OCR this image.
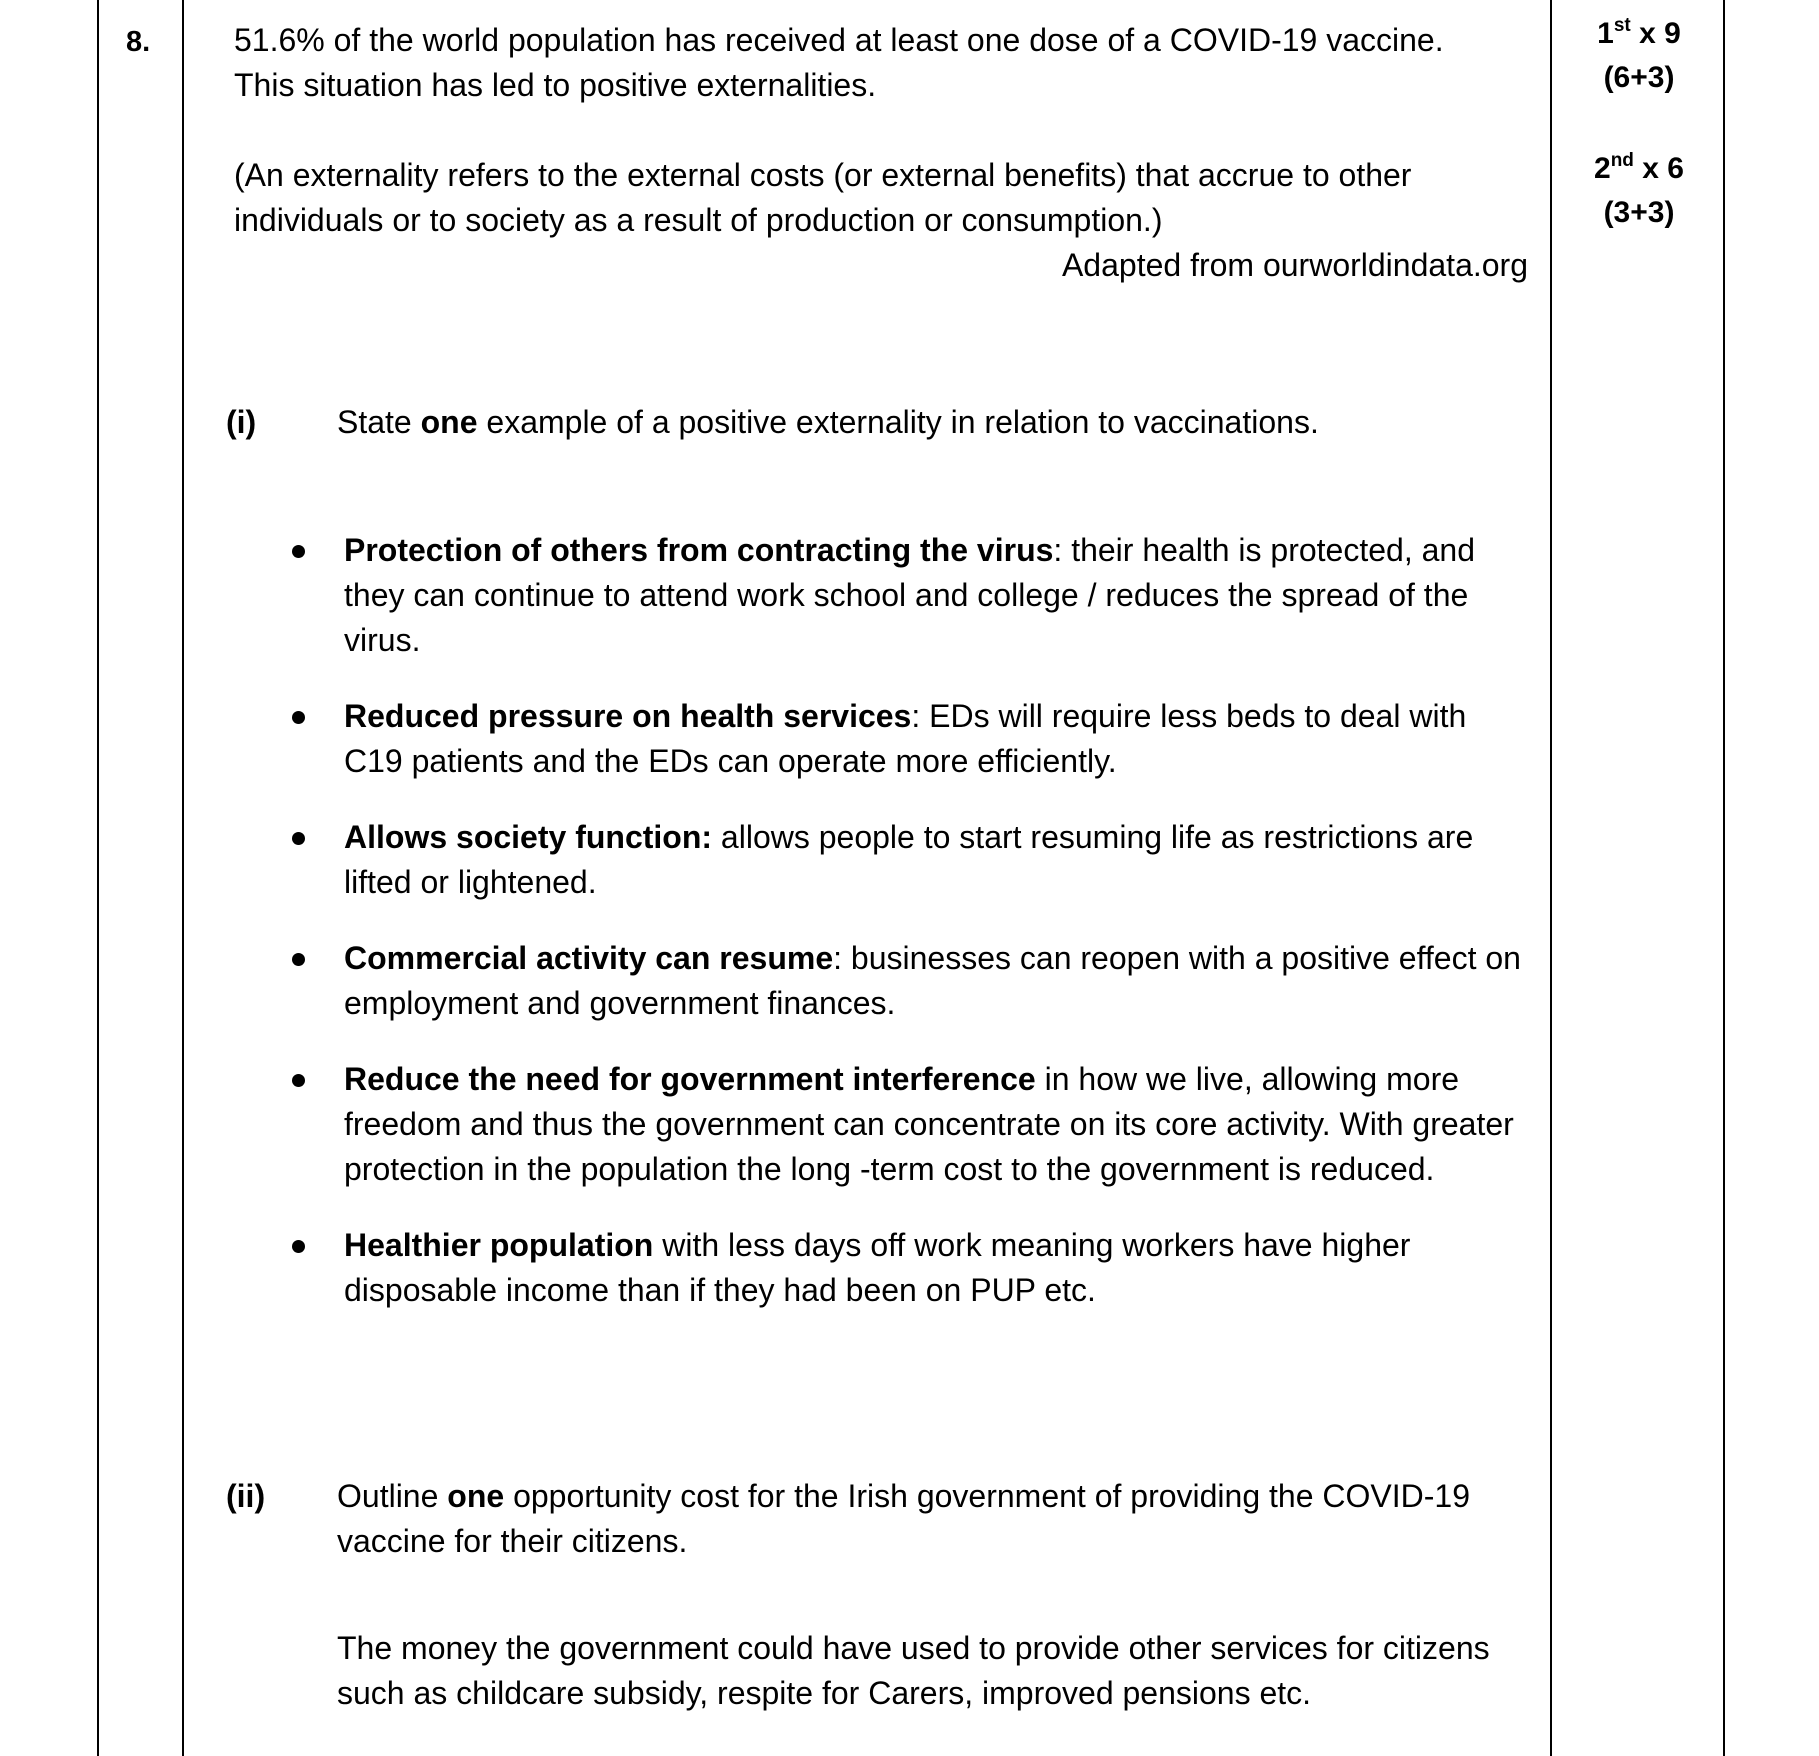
8.	51.6% of the world population has received at least one dose of a COVID-19 vaccine.
This situation has led to positive externalities.
(An externality refers to the external costs (or external benefits) that accrue to other individuals or to society as a result of production or consumption.)
Adapted from ourworldindata.org
1st x 9
(6+3)
2nd x 6
(3+3)
(i)	State one example of a positive externality in relation to vaccinations.
Protection of others from contracting the virus: their health is protected, and they can continue to attend work school and college / reduces the spread of the virus.
Reduced pressure on health services: EDs will require less beds to deal with C19 patients and the EDs can operate more efficiently.
Allows society function: allows people to start resuming life as restrictions are lifted or lightened.
Commercial activity can resume: businesses can reopen with a positive effect on employment and government finances.
Reduce the need for government interference in how we live, allowing more freedom and thus the government can concentrate on its core activity. With greater protection in the population the long -term cost to the government is reduced.
Healthier population with less days off work meaning workers have higher disposable income than if they had been on PUP etc.
(ii) Outline one opportunity cost for the Irish government of providing the COVID-19 vaccine for their citizens.
The money the government could have used to provide other services for citizens such as childcare subsidy, respite for Carers, improved pensions etc.
